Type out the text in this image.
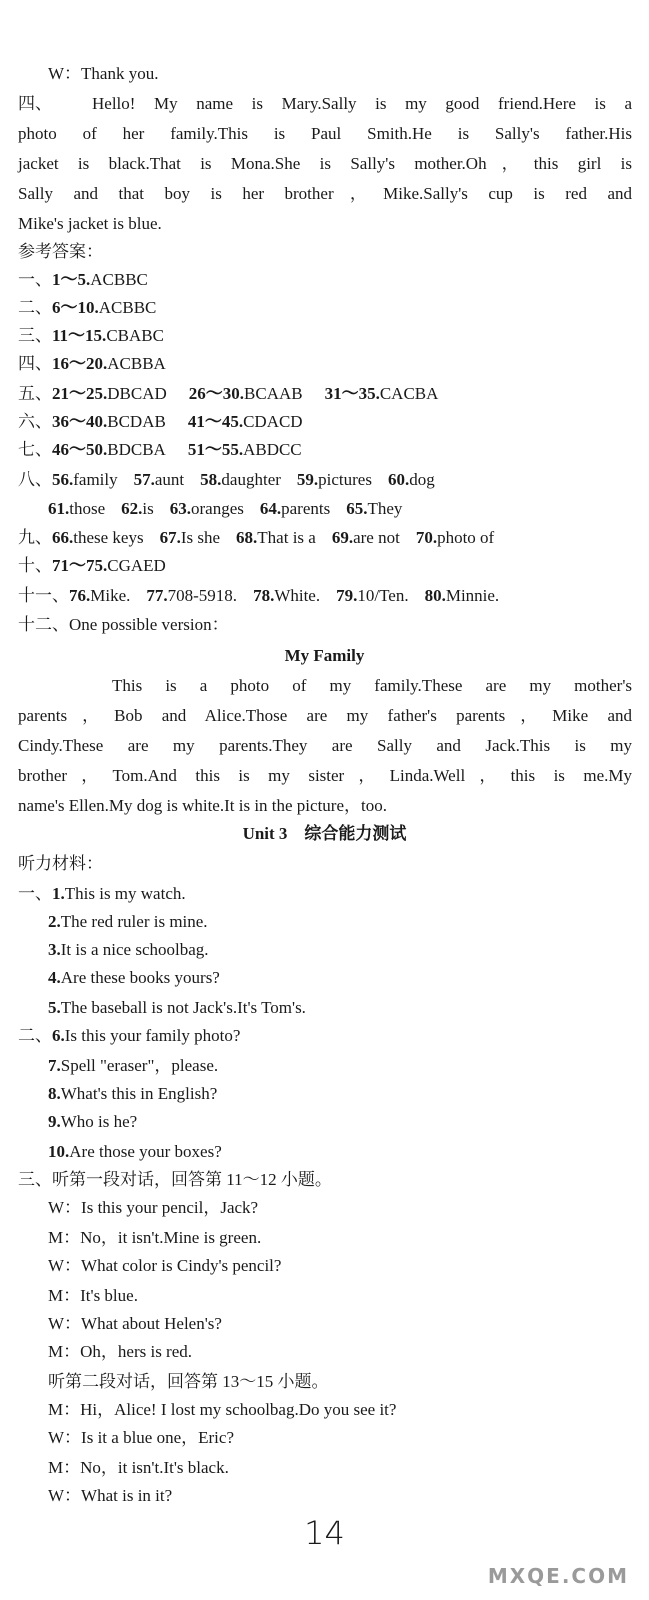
W：Thank you.
四、 Hello! My name is Mary.Sally is my good friend.Here is a
photo of her family.This is Paul Smith.He is Sally's father.His
jacket is black.That is Mona.She is Sally's mother.Oh，this girl is
Sally and that boy is her brother，Mike.Sally's cup is red and
Mike's jacket is blue.
参考答案：
一、1～5.ACBBC
二、6～10.ACBBC
三、11～15.CBABC
四、16～20.ACBBA
五、21～25.DBCAD 26～30.BCAAB 31～35.CACBA
六、36～40.BCDAB 41～45.CDACD
七、46～50.BDCBA 51～55.ABDCC
八、56.family 57.aunt 58.daughter 59.pictures 60.dog
61.those 62.is 63.oranges 64.parents 65.They
九、66.these keys 67.Is she 68.That is a 69.are not 70.photo of
十、71～75.CGAED
十一、76.Mike. 77.708-5918. 78.White. 79.10/Ten. 80.Minnie.
十二、One possible version：
My Family
This is a photo of my family.These are my mother's
parents，Bob and Alice.Those are my father's parents，Mike and
Cindy.These are my parents.They are Sally and Jack.This is my
brother，Tom.And this is my sister，Linda.Well，this is me.My
name's Ellen.My dog is white.It is in the picture，too.
Unit 3　综合能力测试
听力材料：
一、1.This is my watch.
2.The red ruler is mine.
3.It is a nice schoolbag.
4.Are these books yours?
5.The baseball is not Jack's.It's Tom's.
二、6.Is this your family photo?
7.Spell "eraser"，please.
8.What's this in English?
9.Who is he?
10.Are those your boxes?
三、听第一段对话，回答第 11～12 小题。
W：Is this your pencil，Jack?
M：No，it isn't.Mine is green.
W：What color is Cindy's pencil?
M：It's blue.
W：What about Helen's?
M：Oh，hers is red.
听第二段对话，回答第 13～15 小题。
M：Hi，Alice! I lost my schoolbag.Do you see it?
W：Is it a blue one，Eric?
M：No，it isn't.It's black.
W：What is in it?
14
MXQE.COM
